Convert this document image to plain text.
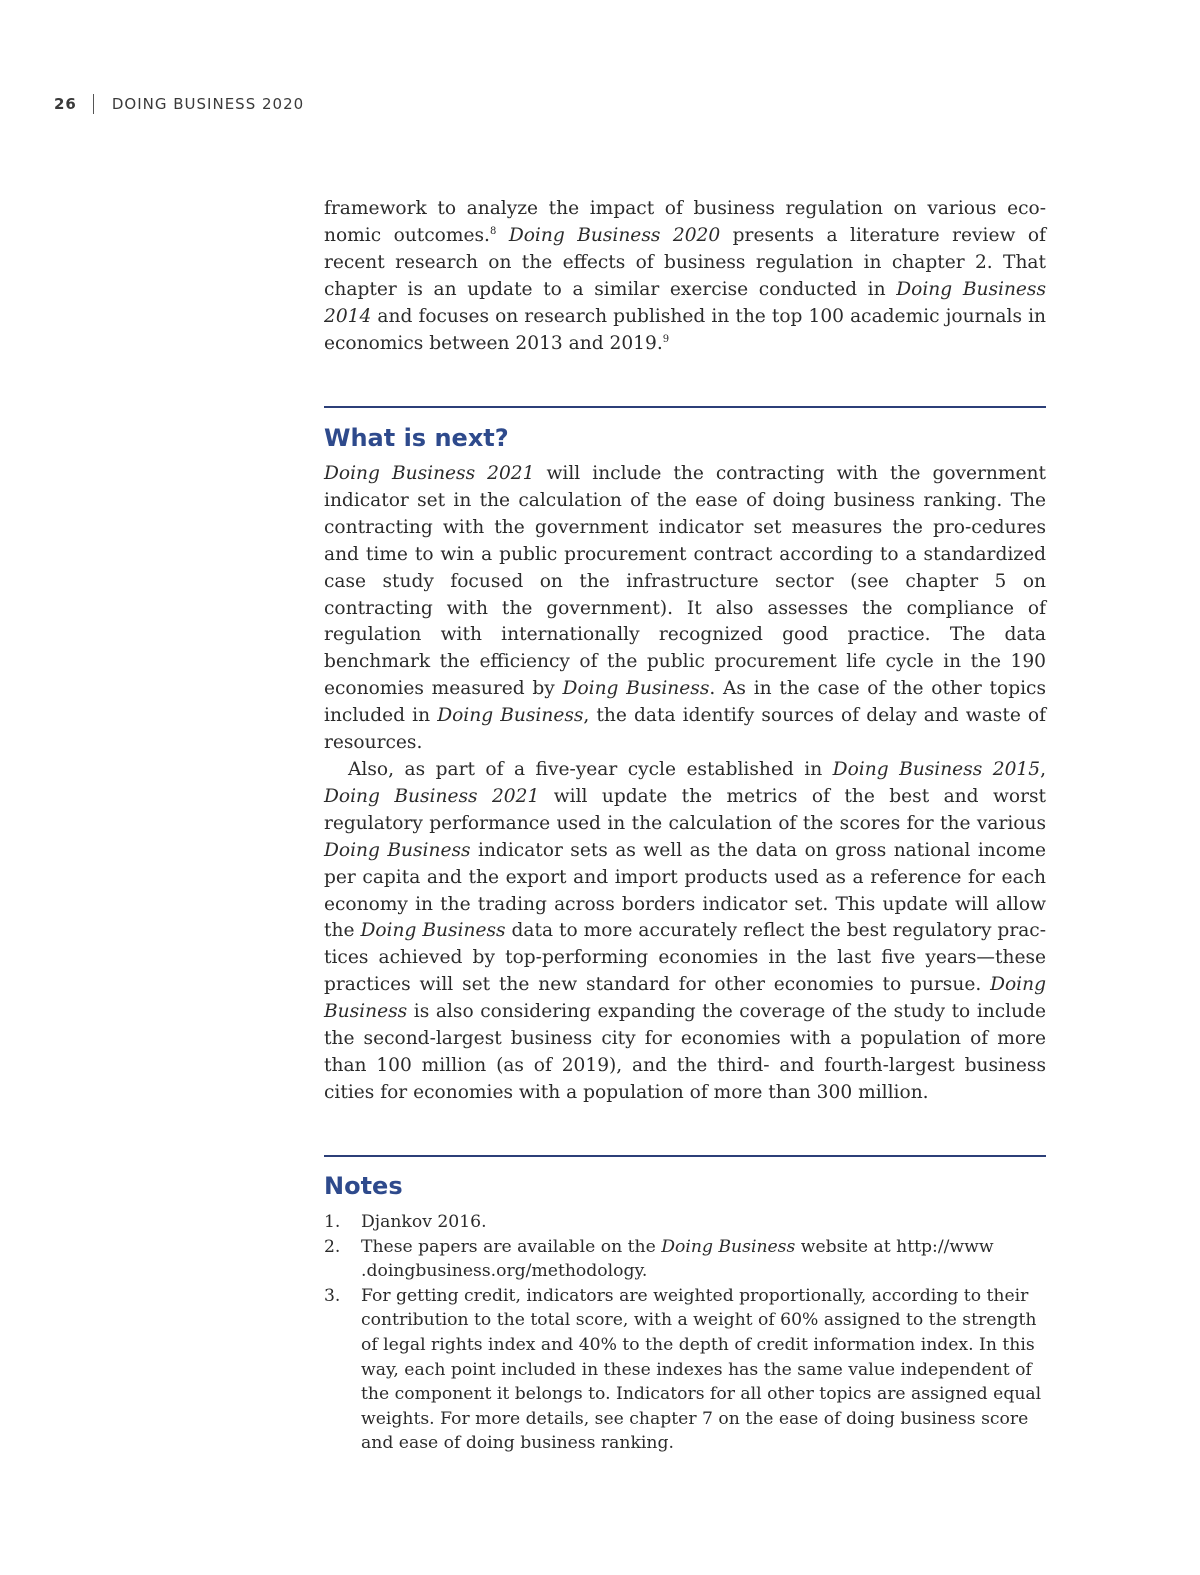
26 DOING BUSINESS 2020

framework to analyze the impact of business regulation on various eco-nomic outcomes.$^8$ Doing Business 2020 presents a literature review of recent research on the effects of business regulation in chapter 2. That chapter is an update to a similar exercise conducted in Doing Business 2014 and focuses on research published in the top 100 academic journals in economics between 2013 and 2019.$^9$

What is next?

Doing Business 2021 will include the contracting with the government indicator set in the calculation of the ease of doing business ranking. The contracting with the government indicator set measures the pro-cedures and time to win a public procurement contract according to a standardized case study focused on the infrastructure sector (see chapter 5 on contracting with the government). It also assesses the compliance of regulation with internationally recognized good practice. The data benchmark the efficiency of the public procurement life cycle in the 190 economies measured by Doing Business. As in the case of the other topics included in Doing Business, the data identify sources of delay and waste of resources.

Also, as part of a five-year cycle established in Doing Business 2015, Doing Business 2021 will update the metrics of the best and worst regulatory performance used in the calculation of the scores for the various Doing Business indicator sets as well as the data on gross national income per capita and the export and import products used as a reference for each economy in the trading across borders indicator set. This update will allow the Doing Business data to more accurately reflect the best regulatory prac-tices achieved by top-performing economies in the last five years—these practices will set the new standard for other economies to pursue. Doing Business is also considering expanding the coverage of the study to include the second-largest business city for economies with a population of more than 100 million (as of 2019), and the third- and fourth-largest business cities for economies with a population of more than 300 million.

Notes
1. Djankov 2016.
2. These papers are available on the Doing Business website at http://www
.doingbusiness.org/methodology.
3. For getting credit, indicators are weighted proportionally, according to their contribution to the total score, with a weight of 60% assigned to the strength of legal rights index and 40% to the depth of credit information index. In this way, each point included in these indexes has the same value independent of the component it belongs to. Indicators for all other topics are assigned equal weights. For more details, see chapter 7 on the ease of doing business score and ease of doing business ranking.
